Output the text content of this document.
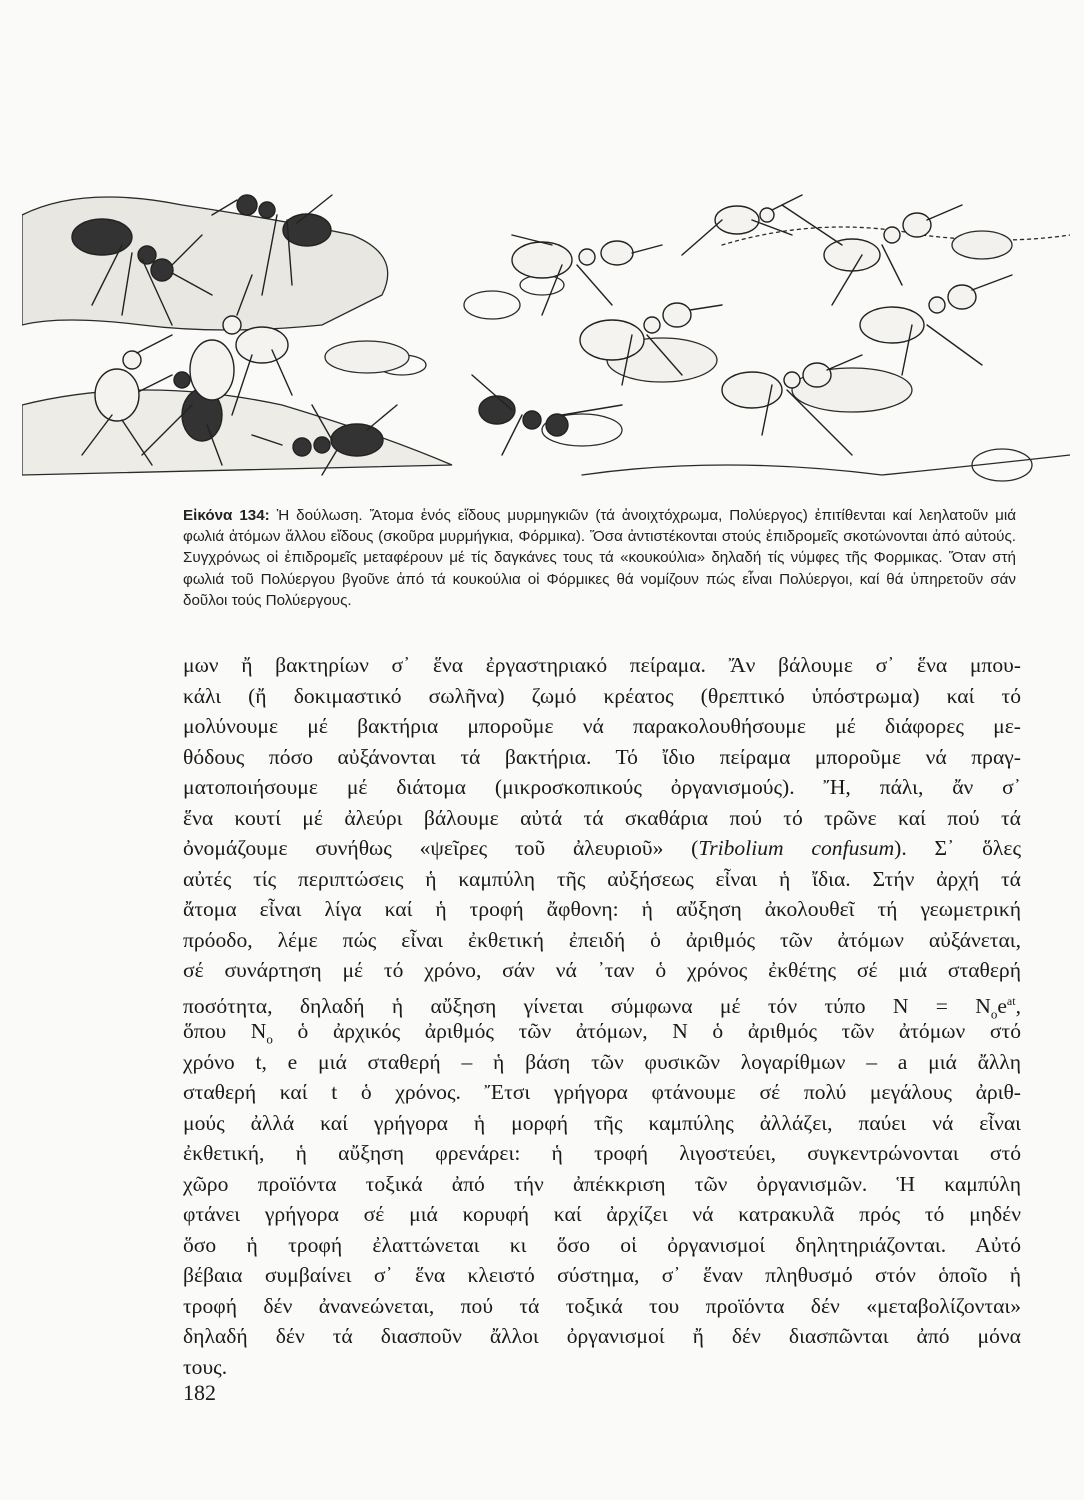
Εἰκόνα 134: Ἡ δούλωση. Ἄτομα ἑνός εἴδους μυρμηγκιῶν (τά ἀνοιχτόχρωμα, Πολύεργος) ἐπιτίθενται καί λεηλατοῦν μιά φωλιά ἀτόμων ἄλλου εἴδους (σκοῦρα μυρμήγκια, Φόρμικα). Ὅσα ἀντιστέκονται στούς ἐπιδρομεῖς σκοτώνονται ἀπό αὐτούς. Συγχρόνως οἱ ἐπιδρομεῖς μεταφέρουν μέ τίς δαγκάνες τους τά «κουκούλια» δηλαδή τίς νύμφες τῆς Φορμικας. Ὅταν στή φωλιά τοῦ Πολύεργου βγοῦνε ἀπό τά κουκούλια οἱ Φόρμικες θά νομίζουν πώς εἶναι Πολύεργοι, καί θά ὑπηρετοῦν σάν δοῦλοι τούς Πολύεργους.
μων ἤ βακτηρίων σ᾽ ἕνα ἐργαστηριακό πείραμα. Ἄν βάλουμε σ᾽ ἕνα μπου-
κάλι (ἤ δοκιμαστικό σωλῆνα) ζωμό κρέατος (θρεπτικό ὑπόστρωμα) καί τό
μολύνουμε μέ βακτήρια μποροῦμε νά παρακολουθήσουμε μέ διάφορες με-
θόδους πόσο αὐξάνονται τά βακτήρια. Τό ἴδιο πείραμα μποροῦμε νά πραγ-
ματοποιήσουμε μέ διάτομα (μικροσκοπικούς ὀργανισμούς). Ἤ, πάλι, ἄν σ᾽
ἕνα κουτί μέ ἀλεύρι βάλουμε αὐτά τά σκαθάρια πού τό τρῶνε καί πού τά
ὀνομάζουμε συνήθως «ψεῖρες τοῦ ἀλευριοῦ» (Tribolium confusum). Σ᾽ ὅλες
αὐτές τίς περιπτώσεις ἡ καμπύλη τῆς αὐξήσεως εἶναι ἡ ἴδια. Στήν ἀρχή τά
ἄτομα εἶναι λίγα καί ἡ τροφή ἄφθονη: ἡ αὔξηση ἀκολουθεῖ τή γεωμετρική
πρόοδο, λέμε πώς εἶναι ἐκθετική ἐπειδή ὁ ἀριθμός τῶν ἀτόμων αὐξάνεται,
σέ συνάρτηση μέ τό χρόνο, σάν νά ᾽ταν ὁ χρόνος ἐκθέτης σέ μιά σταθερή
ποσότητα, δηλαδή ἡ αὔξηση γίνεται σύμφωνα μέ τόν τύπο $N = N_oe^{at}$,
ὅπου $N_o$ ὁ ἀρχικός ἀριθμός τῶν ἀτόμων, N ὁ ἀριθμός τῶν ἀτόμων στό
χρόνο t, e μιά σταθερή – ἡ βάση τῶν φυσικῶν λογαρίθμων – a μιά ἄλλη
σταθερή καί t ὁ χρόνος. Ἔτσι γρήγορα φτάνουμε σέ πολύ μεγάλους ἀριθ-
μούς ἀλλά καί γρήγορα ἡ μορφή τῆς καμπύλης ἀλλάζει, παύει νά εἶναι
ἐκθετική, ἡ αὔξηση φρενάρει: ἡ τροφή λιγοστεύει, συγκεντρώνονται στό
χῶρο προϊόντα τοξικά ἀπό τήν ἀπέκκριση τῶν ὀργανισμῶν. Ἡ καμπύλη
φτάνει γρήγορα σέ μιά κορυφή καί ἀρχίζει νά κατρακυλᾶ πρός τό μηδέν
ὅσο ἡ τροφή ἐλαττώνεται κι ὅσο οἱ ὀργανισμοί δηλητηριάζονται. Αὐτό
βέβαια συμβαίνει σ᾽ ἕνα κλειστό σύστημα, σ᾽ ἕναν πληθυσμό στόν ὁποῖο ἡ
τροφή δέν ἀνανεώνεται, πού τά τοξικά του προϊόντα δέν «μεταβολίζονται»
δηλαδή δέν τά διασποῦν ἄλλοι ὀργανισμοί ἤ δέν διασπῶνται ἀπό μόνα
τους.
182
